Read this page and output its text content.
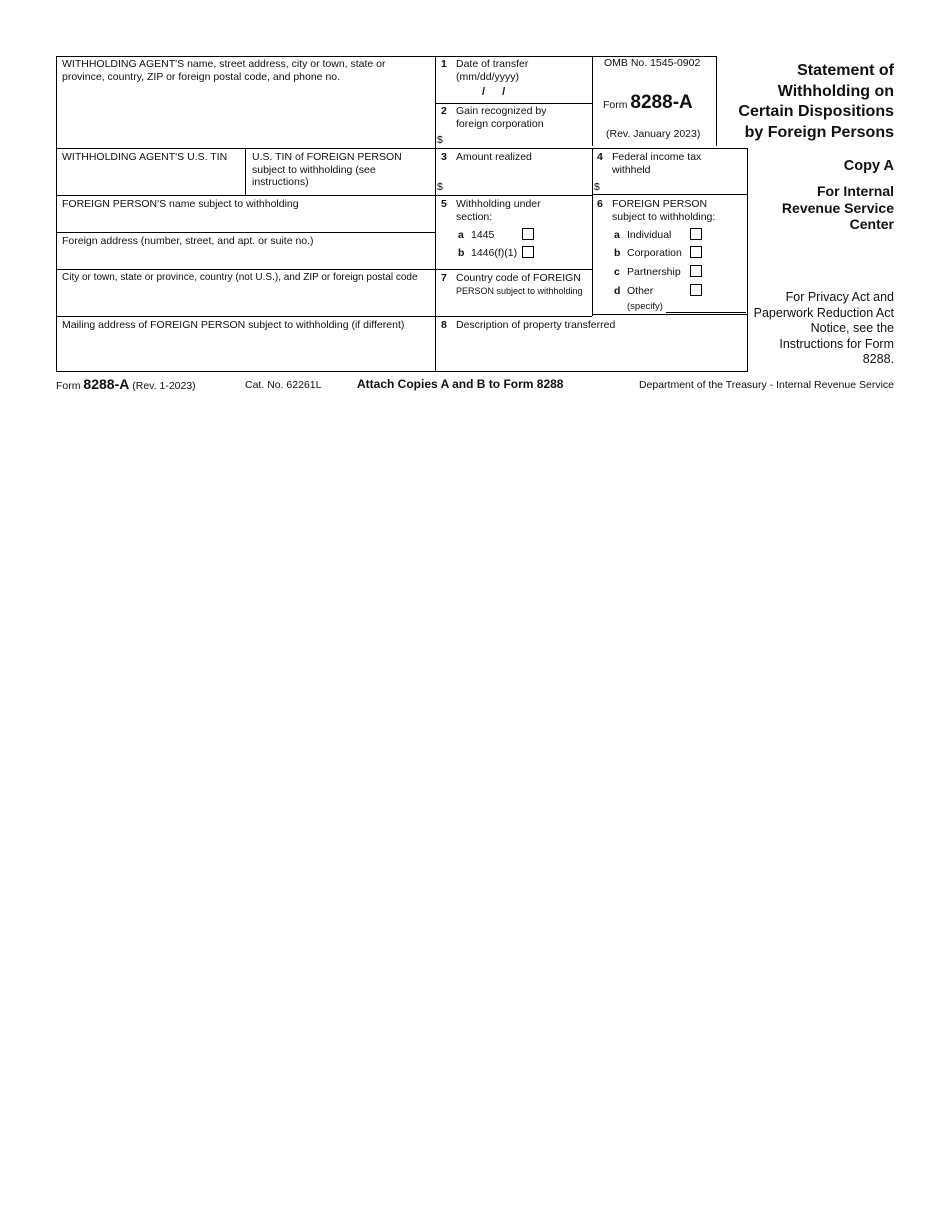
WITHHOLDING AGENT'S name, street address, city or town, state or province, country, ZIP or foreign postal code, and phone no.
WITHHOLDING AGENT'S U.S. TIN U.S. TIN of FOREIGN PERSON subject to withholding (see instructions)
FOREIGN PERSON'S name subject to withholding
Foreign address (number, street, and apt. or suite no.)
City or town, state or province, country (not U.S.), and ZIP or foreign postal code
Mailing address of FOREIGN PERSON subject to withholding (if different)
1 Date of transfer (mm/dd/yyyy)
/ /
2 Gain recognized by foreign corporation
$
OMB No. 1545-0902
Form 8288-A
(Rev. January 2023)
3 Amount realized
$
4 Federal income tax withheld
$
5 Withholding under section:
a 1445
b 1446(f)(1)
6 FOREIGN PERSON subject to withholding:
a Individual
b Corporation
c Partnership
d Other
(specify)
7 Country code of FOREIGN
PERSON subject to withholding
8 Description of property transferred
Statement of Withholding on Certain Dispositions by Foreign Persons
Copy A
For Internal Revenue Service Center
For Privacy Act and Paperwork Reduction Act Notice, see the Instructions for Form 8288.
Form 8288-A (Rev. 1-2023)	Cat. No. 62261L	Attach Copies A and B to Form 8288	Department of the Treasury - Internal Revenue Service
